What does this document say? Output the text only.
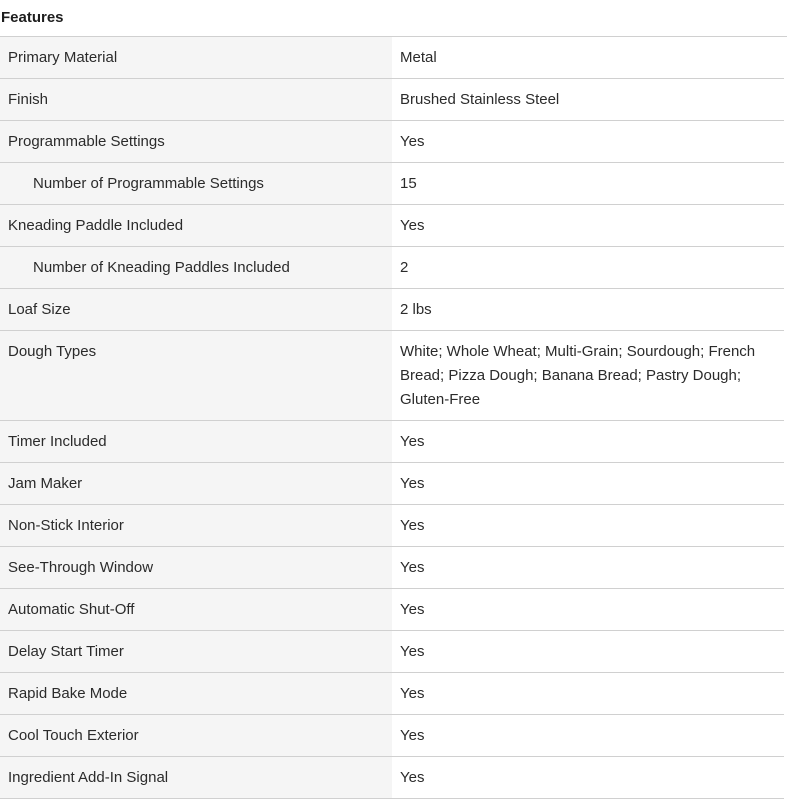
Features
Primary Material	Metal
Finish	Brushed Stainless Steel
Programmable Settings	Yes
Number of Programmable Settings	15
Kneading Paddle Included	Yes
Number of Kneading Paddles Included	2
Loaf Size	2 lbs
Dough Types	White; Whole Wheat; Multi-Grain; Sourdough; French Bread; Pizza Dough; Banana Bread; Pastry Dough; Gluten-Free
Timer Included	Yes
Jam Maker	Yes
Non-Stick Interior	Yes
See-Through Window	Yes
Automatic Shut-Off	Yes
Delay Start Timer	Yes
Rapid Bake Mode	Yes
Cool Touch Exterior	Yes
Ingredient Add-In Signal	Yes
